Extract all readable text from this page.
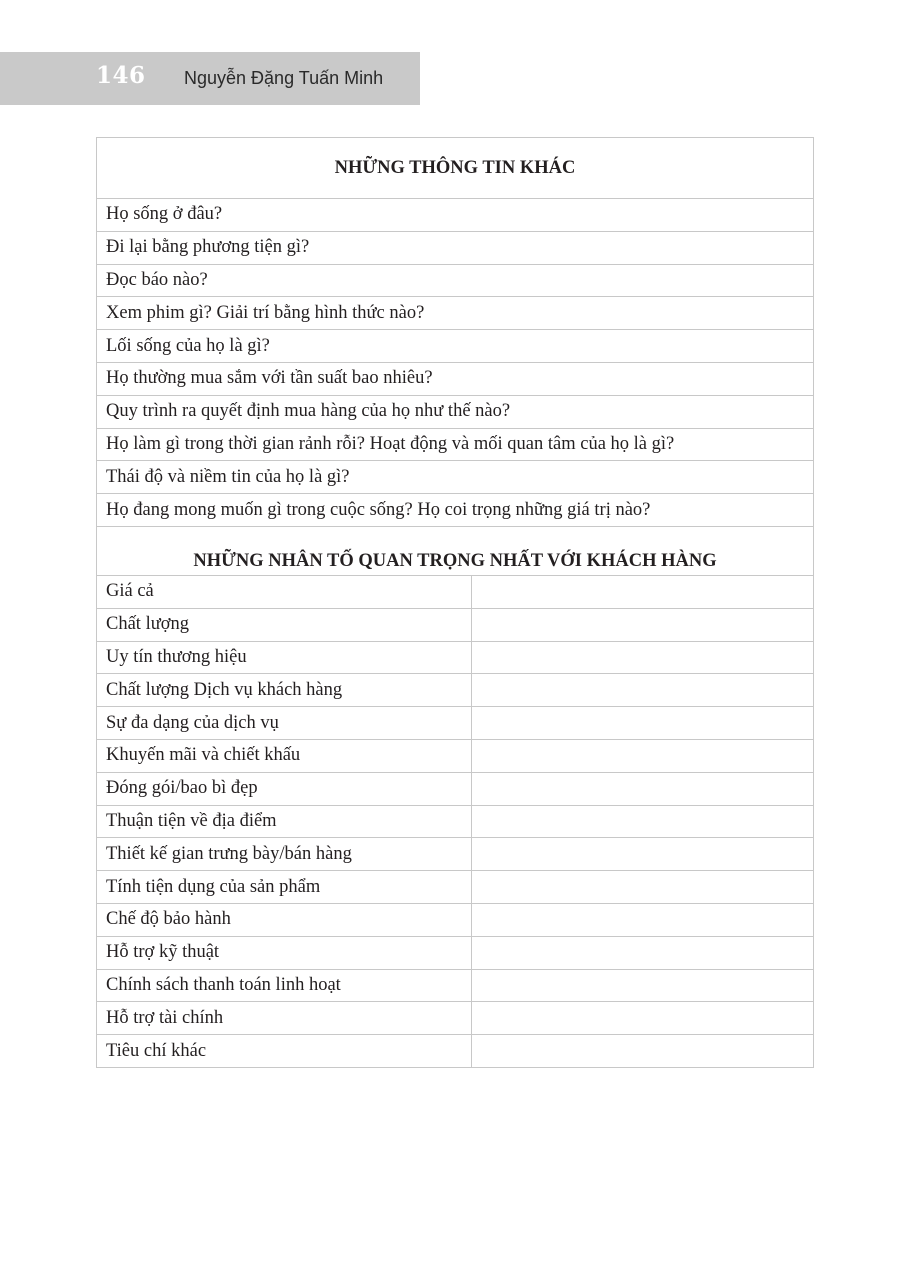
146 Nguyễn Đặng Tuấn Minh
NHỮNG THÔNG TIN KHÁC	
Họ sống ở đâu?	
Đi lại bằng phương tiện gì?	
Đọc báo nào?	
Xem phim gì? Giải trí bằng hình thức nào?	
Lối sống của họ là gì?	
Họ thường mua sắm với tần suất bao nhiêu?	
Quy trình ra quyết định mua hàng của họ như thế nào?	
Họ làm gì trong thời gian rảnh rỗi? Hoạt động và mối quan tâm của họ là gì?	
Thái độ và niềm tin của họ là gì?	
Họ đang mong muốn gì trong cuộc sống? Họ coi trọng những giá trị nào?	
NHỮNG NHÂN TỐ QUAN TRỌNG NHẤT VỚI KHÁCH HÀNG	
Giá cả	
Chất lượng	
Uy tín thương hiệu	
Chất lượng Dịch vụ khách hàng	
Sự đa dạng của dịch vụ	
Khuyến mãi và chiết khấu	
Đóng gói/bao bì đẹp	
Thuận tiện về địa điểm	
Thiết kế gian trưng bày/bán hàng	
Tính tiện dụng của sản phẩm	
Chế độ bảo hành	
Hỗ trợ kỹ thuật	
Chính sách thanh toán linh hoạt	
Hỗ trợ tài chính	
Tiêu chí khác	
